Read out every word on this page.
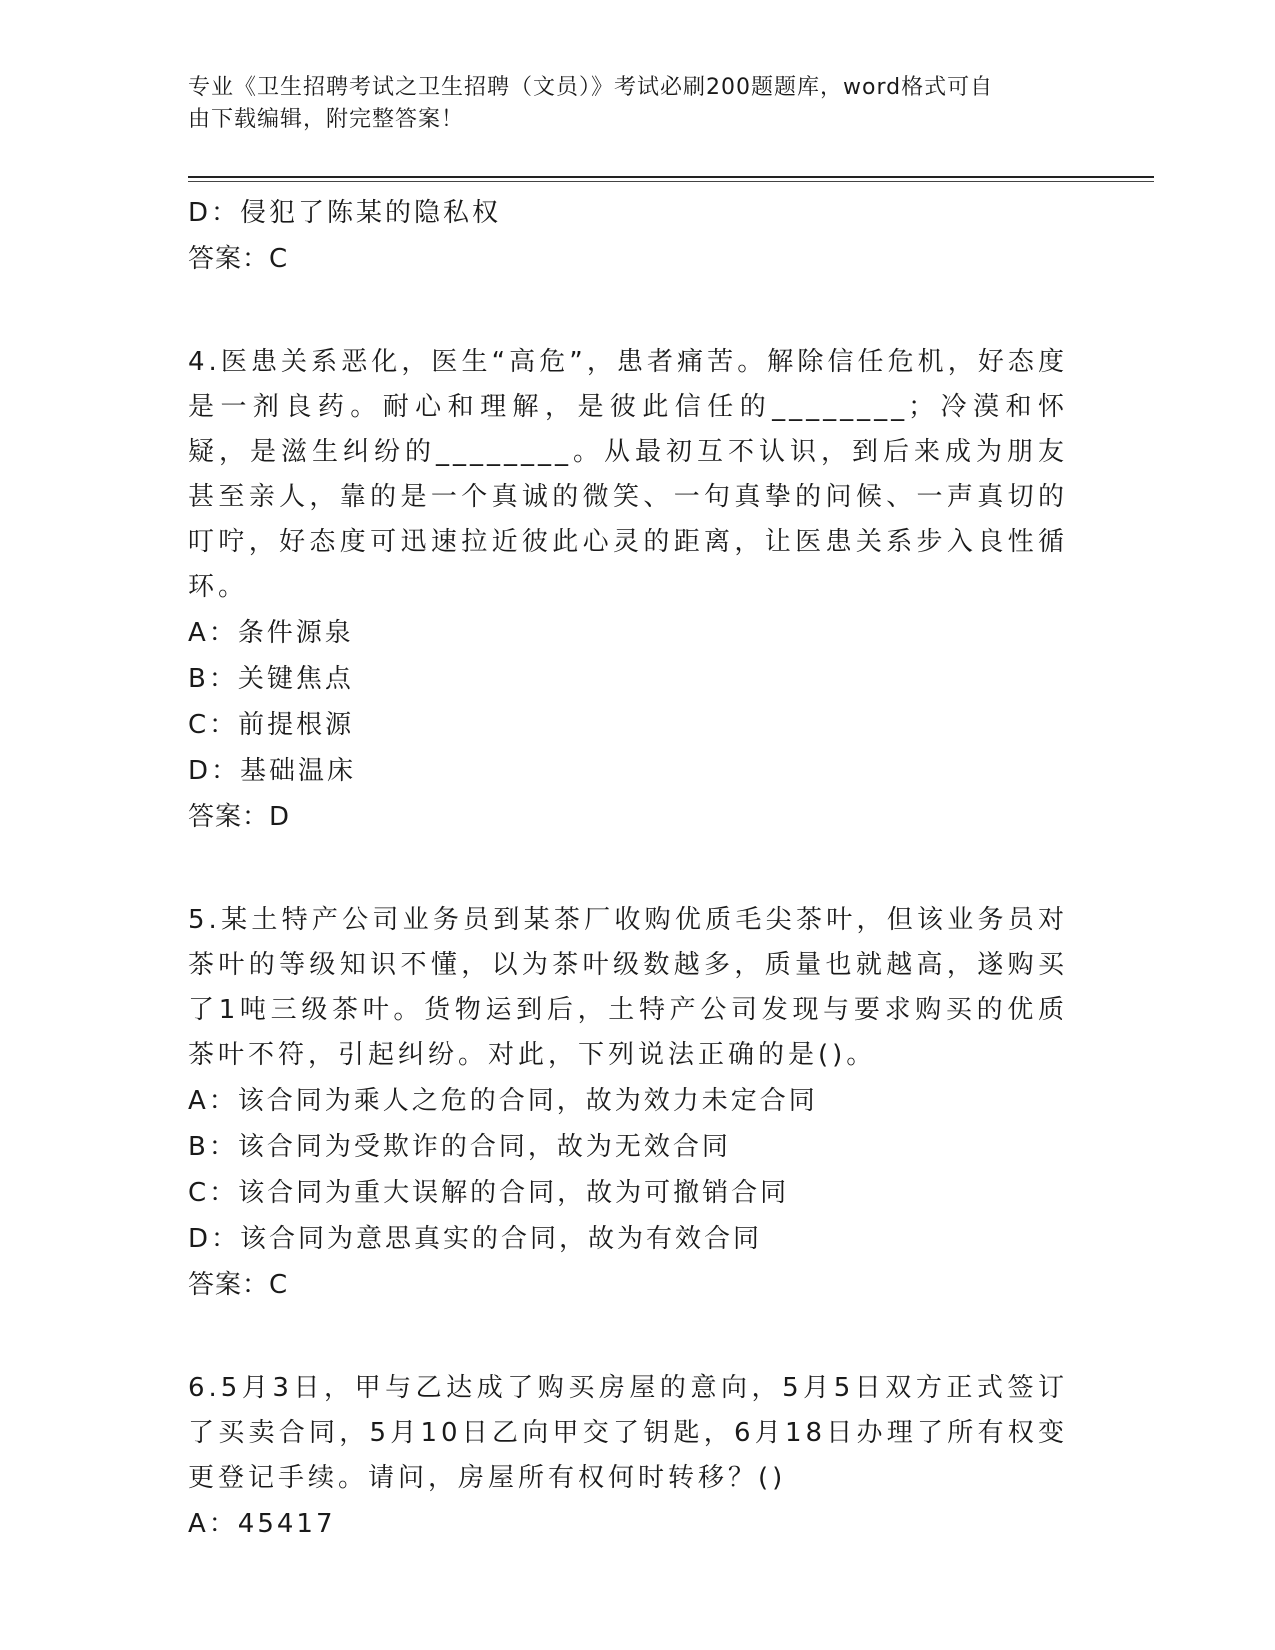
专业《卫生招聘考试之卫生招聘（文员）》考试必刷200题题库，word格式可自
由下载编辑，附完整答案！
D：侵犯了陈某的隐私权
答案：C
4.医患关系恶化，医生“高危”，患者痛苦。解除信任危机，好态度是一剂良药。耐心和理解，是彼此信任的________；冷漠和怀疑，是滋生纠纷的________。从最初互不认识，到后来成为朋友甚至亲人，靠的是一个真诚的微笑、一句真挚的问候、一声真切的叮咛，好态度可迅速拉近彼此心灵的距离，让医患关系步入良性循环。
A：条件源泉
B：关键焦点
C：前提根源
D：基础温床
答案：D
5.某土特产公司业务员到某茶厂收购优质毛尖茶叶，但该业务员对茶叶的等级知识不懂，以为茶叶级数越多，质量也就越高，遂购买了1吨三级茶叶。货物运到后，土特产公司发现与要求购买的优质茶叶不符，引起纠纷。对此，下列说法正确的是()。
A：该合同为乘人之危的合同，故为效力未定合同
B：该合同为受欺诈的合同，故为无效合同
C：该合同为重大误解的合同，故为可撤销合同
D：该合同为意思真实的合同，故为有效合同
答案：C
6.5月3日，甲与乙达成了购买房屋的意向，5月5日双方正式签订了买卖合同，5月10日乙向甲交了钥匙，6月18日办理了所有权变更登记手续。请问，房屋所有权何时转移？()
A：45417
